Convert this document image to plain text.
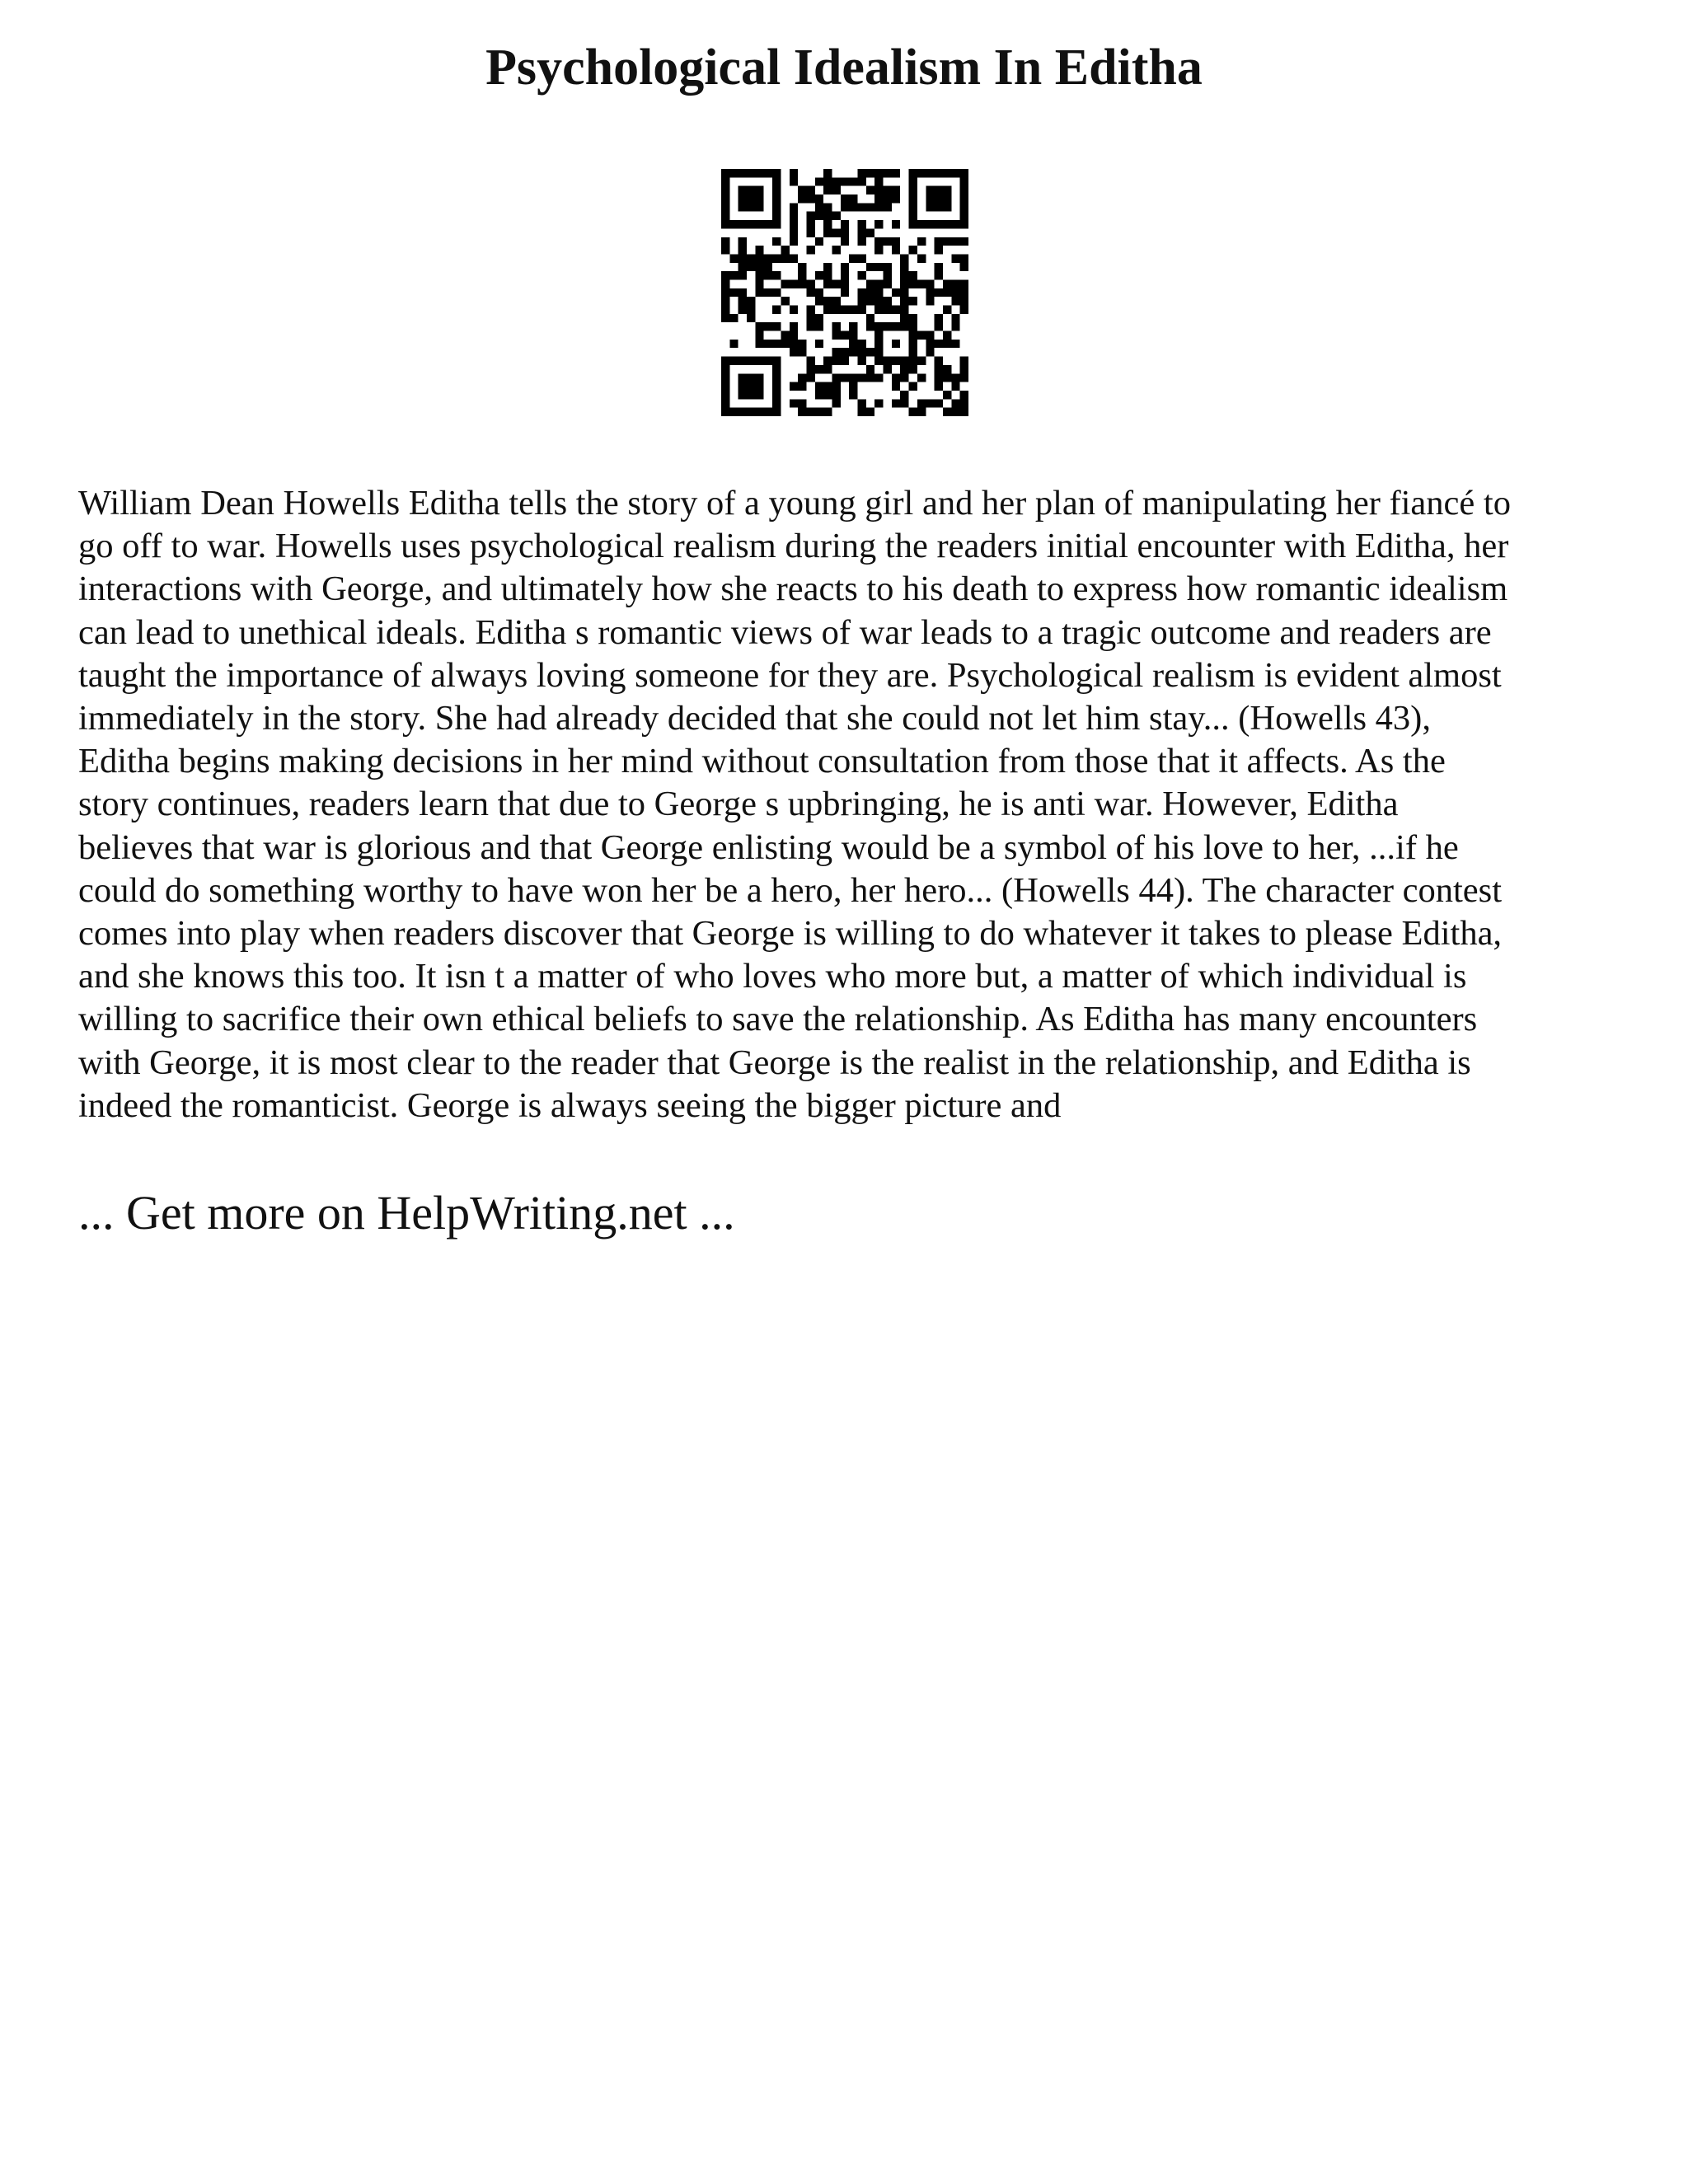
Psychological Idealism In Editha
William Dean Howells Editha tells the story of a young girl and her plan of manipulating her fiancé to
go off to war. Howells uses psychological realism during the readers initial encounter with Editha, her
interactions with George, and ultimately how she reacts to his death to express how romantic idealism
can lead to unethical ideals. Editha s romantic views of war leads to a tragic outcome and readers are
taught the importance of always loving someone for they are. Psychological realism is evident almost
immediately in the story. She had already decided that she could not let him stay... (Howells 43),
Editha begins making decisions in her mind without consultation from those that it affects. As the
story continues, readers learn that due to George s upbringing, he is anti war. However, Editha
believes that war is glorious and that George enlisting would be a symbol of his love to her, ...if he
could do something worthy to have won her be a hero, her hero... (Howells 44). The character contest
comes into play when readers discover that George is willing to do whatever it takes to please Editha,
and she knows this too. It isn t a matter of who loves who more but, a matter of which individual is
willing to sacrifice their own ethical beliefs to save the relationship. As Editha has many encounters
with George, it is most clear to the reader that George is the realist in the relationship, and Editha is
indeed the romanticist. George is always seeing the bigger picture and

... Get more on HelpWriting.net ...
